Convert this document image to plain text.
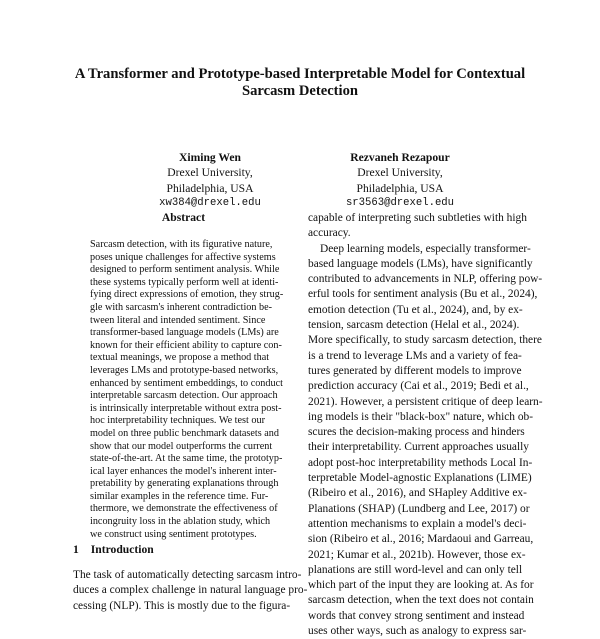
A Transformer and Prototype-based Interpretable Model for Contextual
Sarcasm Detection
Ximing Wen
Drexel University,
Philadelphia, USA
xw384@drexel.edu
Rezvaneh Rezapour
Drexel University,
Philadelphia, USA
sr3563@drexel.edu
Abstract
Sarcasm detection, with its figurative nature,
poses unique challenges for affective systems
designed to perform sentiment analysis. While
these systems typically perform well at identi-
fying direct expressions of emotion, they strug-
gle with sarcasm's inherent contradiction be-
tween literal and intended sentiment. Since
transformer-based language models (LMs) are
known for their efficient ability to capture con-
textual meanings, we propose a method that
leverages LMs and prototype-based networks,
enhanced by sentiment embeddings, to conduct
interpretable sarcasm detection. Our approach
is intrinsically interpretable without extra post-
hoc interpretability techniques. We test our
model on three public benchmark datasets and
show that our model outperforms the current
state-of-the-art. At the same time, the prototyp-
ical layer enhances the model's inherent inter-
pretability by generating explanations through
similar examples in the reference time. Fur-
thermore, we demonstrate the effectiveness of
incongruity loss in the ablation study, which
we construct using sentiment prototypes.
1 Introduction
The task of automatically detecting sarcasm intro-
duces a complex challenge in natural language pro-
cessing (NLP). This is mostly due to the figura-
capable of interpreting such subtleties with high
accuracy.
Deep learning models, especially transformer-
based language models (LMs), have significantly
contributed to advancements in NLP, offering pow-
erful tools for sentiment analysis (Bu et al., 2024),
emotion detection (Tu et al., 2024), and, by ex-
tension, sarcasm detection (Helal et al., 2024).
More specifically, to study sarcasm detection, there
is a trend to leverage LMs and a variety of fea-
tures generated by different models to improve
prediction accuracy (Cai et al., 2019; Bedi et al.,
2021). However, a persistent critique of deep learn-
ing models is their "black-box" nature, which ob-
scures the decision-making process and hinders
their interpretability. Current approaches usually
adopt post-hoc interpretability methods Local In-
terpretable Model-agnostic Explanations (LIME)
(Ribeiro et al., 2016), and SHapley Additive ex-
Planations (SHAP) (Lundberg and Lee, 2017) or
attention mechanisms to explain a model's deci-
sion (Ribeiro et al., 2016; Mardaoui and Garreau,
2021; Kumar et al., 2021b). However, those ex-
planations are still word-level and can only tell
which part of the input they are looking at. As for
sarcasm detection, when the text does not contain
words that convey strong sentiment and instead
uses other ways, such as analogy to express sar-
